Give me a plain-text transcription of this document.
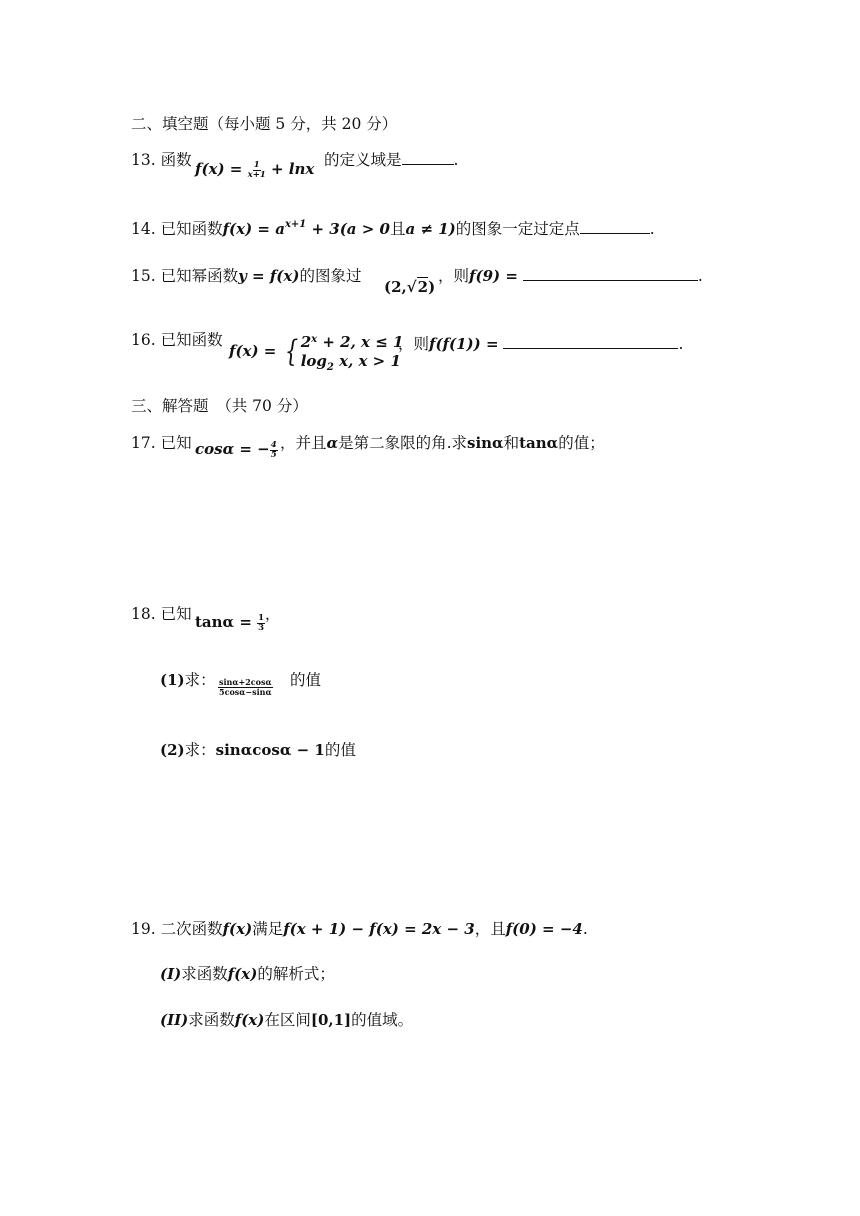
二、填空题（每小题 5 分，共 20 分）
13. 函数 $f(x) = \frac{1}{x+1} + \ln x$ 的定义域是	.
14. 已知函数$f(x) = a^{x+1} + 3(a > 0$且a ≠ 1)的图象一定过定点	.
15. 已知幂函数y = f(x)的图象过
(2,√2)
，则f(9) =	.
16. 已知函数
f(x) = { $2^x + 2$, x ≤ 1
$\log_2 x$, x > 1
，则f(f(1)) =	.
三、解答题　（共 70 分）
17. 已知 cosα = − $\frac{4}{5}$ ，并且α是第二象限的角.求sinα和tanα的值；
18. 已知 $\tan\alpha = \frac{1}{3}$ ，
(1)求： $\frac{\sin\alpha+2\cos\alpha}{5\cos\alpha-\sin\alpha}$ 的值
(2)求：sinαcosα − 1的值
19. 二次函数f(x)满足f(x + 1) − f(x) = 2x − 3，且f(0) = −4.
(I)求函数f(x)的解析式；
(II)求函数f(x)在区间[0,1]的值域。
